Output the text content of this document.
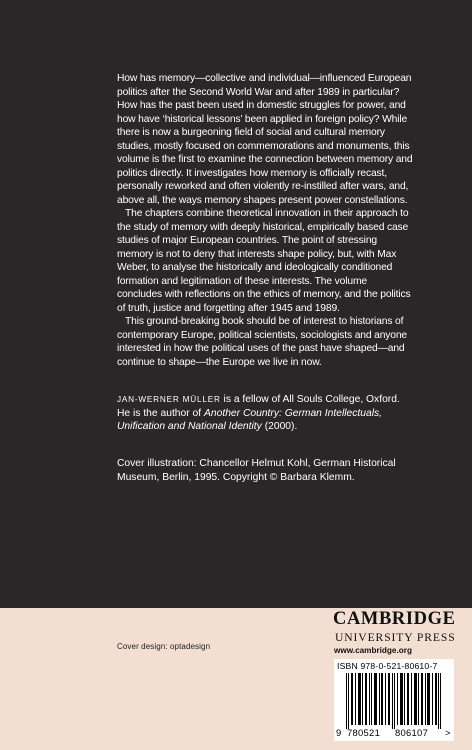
How has memory—collective and individual—influenced European politics after the Second World War and after 1989 in particular? How has the past been used in domestic struggles for power, and how have ‘historical lessons’ been applied in foreign policy? While there is now a burgeoning field of social and cultural memory studies, mostly focused on commemorations and monuments, this volume is the first to examine the connection between memory and politics directly. It investigates how memory is officially recast, personally reworked and often violently re-instilled after wars, and, above all, the ways memory shapes present power constellations.

The chapters combine theoretical innovation in their approach to the study of memory with deeply historical, empirically based case studies of major European countries. The point of stressing memory is not to deny that interests shape policy, but, with Max Weber, to analyse the historically and ideologically conditioned formation and legitimation of these interests. The volume concludes with reflections on the ethics of memory, and the politics of truth, justice and forgetting after 1945 and 1989.

This ground-breaking book should be of interest to historians of contemporary Europe, political scientists, sociologists and anyone interested in how the political uses of the past have shaped—and continue to shape—the Europe we live in now.

JAN-WERNER MÜLLER is a fellow of All Souls College, Oxford. He is the author of Another Country: German Intellectuals, Unification and National Identity (2000).
Cover illustration: Chancellor Helmut Kohl, German Historical Museum, Berlin, 1995. Copyright © Barbara Klemm.
Cover design: optadesign
CAMBRIDGE
UNIVERSITY PRESS
www.cambridge.org
ISBN 978-0-521-80610-7
9 780521 806107 >
